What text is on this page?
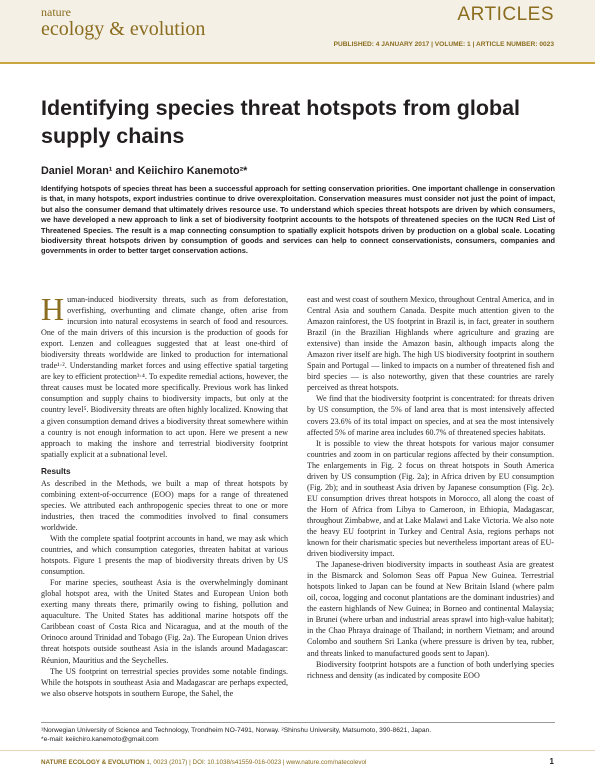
nature
ecology & evolution
ARTICLES
PUBLISHED: 4 JANUARY 2017 | VOLUME: 1 | ARTICLE NUMBER: 0023
Identifying species threat hotspots from global supply chains
Daniel Moran¹ and Keiichiro Kanemoto²*
Identifying hotspots of species threat has been a successful approach for setting conservation priorities. One important challenge in conservation is that, in many hotspots, export industries continue to drive overexploitation. Conservation measures must consider not just the point of impact, but also the consumer demand that ultimately drives resource use. To understand which species threat hotspots are driven by which consumers, we have developed a new approach to link a set of biodiversity footprint accounts to the hotspots of threatened species on the IUCN Red List of Threatened Species. The result is a map connecting consumption to spatially explicit hotspots driven by production on a global scale. Locating biodiversity threat hotspots driven by consumption of goods and services can help to connect conservationists, consumers, companies and governments in order to better target conservation actions.
H uman-induced biodiversity threats, such as from deforestation, overfishing, overhunting and climate change, often arise from incursion into natural ecosystems in search of food and resources. One of the main drivers of this incursion is the production of goods for export. Lenzen and colleagues suggested that at least one-third of biodiversity threats worldwide are linked to production for international trade¹·². Understanding market forces and using effective spatial targeting are key to efficient protection³·⁴. To expedite remedial actions, however, the threat causes must be located more specifically. Previous work has linked consumption and supply chains to biodiversity impacts, but only at the country level⁵. Biodiversity threats are often highly localized. Knowing that a given consumption demand drives a biodiversity threat somewhere within a country is not enough information to act upon. Here we present a new approach to making the inshore and terrestrial biodiversity footprint spatially explicit at a subnational level.

Results

As described in the Methods, we built a map of threat hotspots by combining extent-of-occurrence (EOO) maps for a range of threatened species. We attributed each anthropogenic species threat to one or more industries, then traced the commodities involved to final consumers worldwide.

With the complete spatial footprint accounts in hand, we may ask which countries, and which consumption categories, threaten habitat at various hotspots. Figure 1 presents the map of biodiversity threats driven by US consumption.

For marine species, southeast Asia is the overwhelmingly dominant global hotspot area, with the United States and European Union both exerting many threats there, primarily owing to fishing, pollution and aquaculture. The United States has additional marine hotspots off the Caribbean coast of Costa Rica and Nicaragua, and at the mouth of the Orinoco around Trinidad and Tobago (Fig. 2a). The European Union drives threat hotspots outside southeast Asia in the islands around Madagascar: Réunion, Mauritius and the Seychelles.

The US footprint on terrestrial species provides some notable findings. While the hotspots in southeast Asia and Madagascar are perhaps expected, we also observe hotspots in southern Europe, the Sahel, the

east and west coast of southern Mexico, throughout Central America, and in Central Asia and southern Canada. Despite much attention given to the Amazon rainforest, the US footprint in Brazil is, in fact, greater in southern Brazil (in the Brazilian Highlands where agriculture and grazing are extensive) than inside the Amazon basin, although impacts along the Amazon river itself are high. The high US biodiversity footprint in southern Spain and Portugal — linked to impacts on a number of threatened fish and bird species — is also noteworthy, given that these countries are rarely perceived as threat hotspots.

We find that the biodiversity footprint is concentrated: for threats driven by US consumption, the 5% of land area that is most intensively affected covers 23.6% of its total impact on species, and at sea the most intensively affected 5% of marine area includes 60.7% of threatened species habitats.

It is possible to view the threat hotspots for various major consumer countries and zoom in on particular regions affected by their consumption. The enlargements in Fig. 2 focus on threat hotspots in South America driven by US consumption (Fig. 2a); in Africa driven by EU consumption (Fig. 2b); and in southeast Asia driven by Japanese consumption (Fig. 2c). EU consumption drives threat hotspots in Morocco, all along the coast of the Horn of Africa from Libya to Cameroon, in Ethiopia, Madagascar, throughout Zimbabwe, and at Lake Malawi and Lake Victoria. We also note the heavy EU footprint in Turkey and Central Asia, regions perhaps not known for their charismatic species but nevertheless important areas of EU-driven biodiversity impact.

The Japanese-driven biodiversity impacts in southeast Asia are greatest in the Bismarck and Solomon Seas off Papua New Guinea. Terrestrial hotspots linked to Japan can be found at New Britain Island (where palm oil, cocoa, logging and coconut plantations are the dominant industries) and the eastern highlands of New Guinea; in Borneo and continental Malaysia; in Brunei (where urban and industrial areas sprawl into high-value habitat); in the Chao Phraya drainage of Thailand; in northern Vietnam; and around Colombo and southern Sri Lanka (where pressure is driven by tea, rubber, and threats linked to manufactured goods sent to Japan).

Biodiversity footprint hotspots are a function of both underlying species richness and density (as indicated by composite EOO

¹Norwegian University of Science and Technology, Trondheim NO-7491, Norway. ²Shinshu University, Matsumoto, 390-8621, Japan.
*e-mail: keiichiro.kanemoto@gmail.com
NATURE ECOLOGY & EVOLUTION 1, 0023 (2017) | DOI: 10.1038/s41559-016-0023 | www.nature.com/natecolevol	1
